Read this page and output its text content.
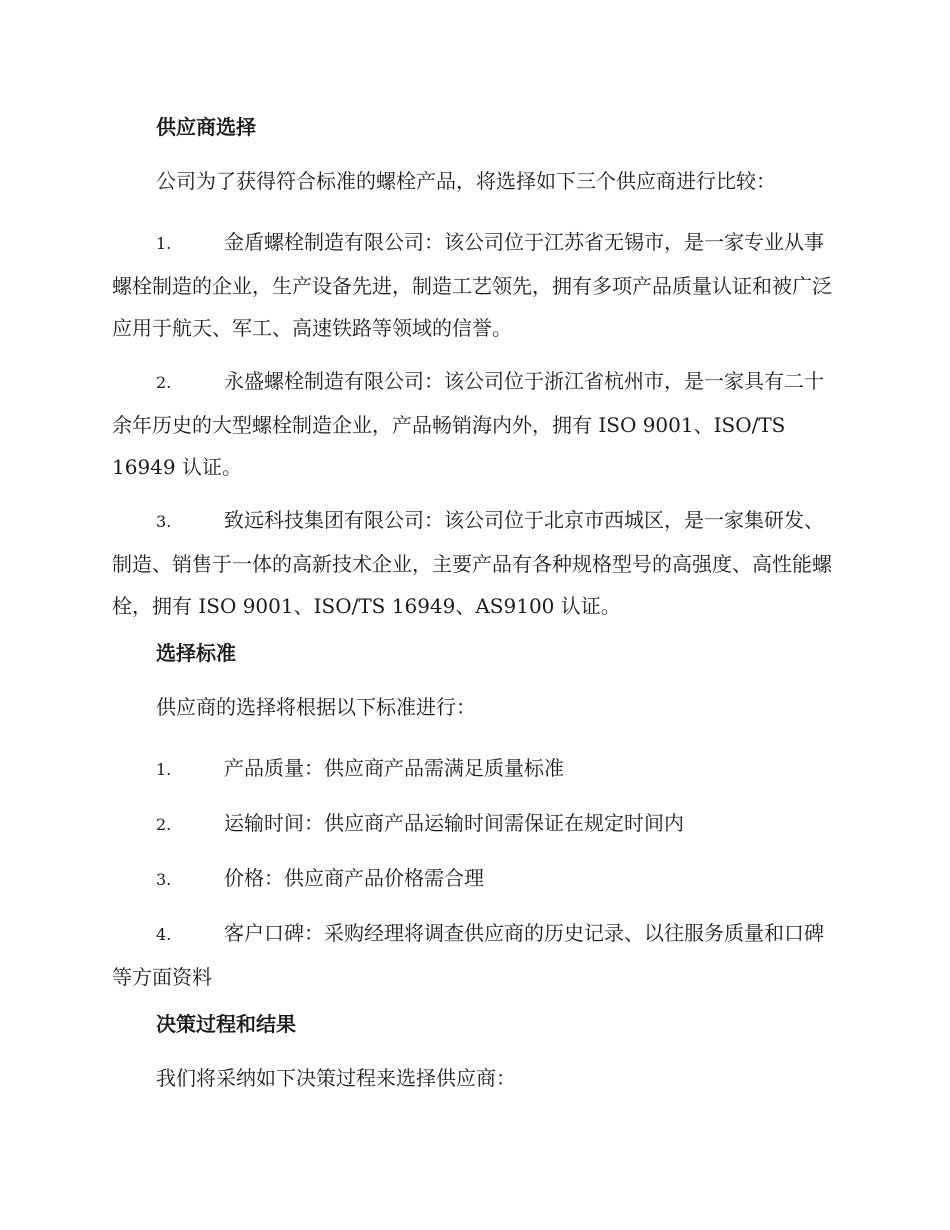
供应商选择

公司为了获得符合标准的螺栓产品，将选择如下三个供应商进行比较：

1.	金盾螺栓制造有限公司：该公司位于江苏省无锡市，是一家专业从事螺栓制造的企业，生产设备先进，制造工艺领先，拥有多项产品质量认证和被广泛应用于航天、军工、高速铁路等领域的信誉。

2.	永盛螺栓制造有限公司：该公司位于浙江省杭州市，是一家具有二十余年历史的大型螺栓制造企业，产品畅销海内外，拥有 ISO 9001、ISO/TS 16949 认证。

3.	致远科技集团有限公司：该公司位于北京市西城区，是一家集研发、制造、销售于一体的高新技术企业，主要产品有各种规格型号的高强度、高性能螺栓，拥有 ISO 9001、ISO/TS 16949、AS9100 认证。

选择标准

供应商的选择将根据以下标准进行：

1.	产品质量：供应商产品需满足质量标准

2.	运输时间：供应商产品运输时间需保证在规定时间内

3.	价格：供应商产品价格需合理

4.	客户口碑：采购经理将调查供应商的历史记录、以往服务质量和口碑等方面资料

决策过程和结果

我们将采纳如下决策过程来选择供应商：
